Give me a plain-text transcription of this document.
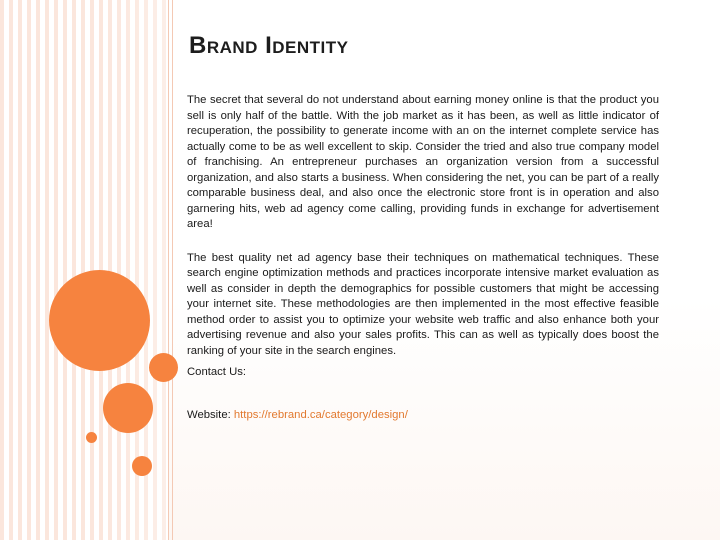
Brand Identity

The secret that several do not understand about earning money online is that the product you sell is only half of the battle. With the job market as it has been, as well as little indicator of recuperation, the possibility to generate income with an on the internet complete service has actually come to be as well excellent to skip. Consider the tried and also true company model of franchising. An entrepreneur purchases an organization version from a successful organization, and also starts a business. When considering the net, you can be part of a really comparable business deal, and also once the electronic store front is in operation and also garnering hits, web ad agency come calling, providing funds in exchange for advertisement area!

The best quality net ad agency base their techniques on mathematical techniques. These search engine optimization methods and practices incorporate intensive market evaluation as well as consider in depth the demographics for possible customers that might be accessing your internet site. These methodologies are then implemented in the most effective feasible method order to assist you to optimize your website web traffic and also enhance both your advertising revenue and also your sales profits. This can as well as typically does boost the ranking of your site in the search engines.

Contact Us:

Website: https://rebrand.ca/category/design/
